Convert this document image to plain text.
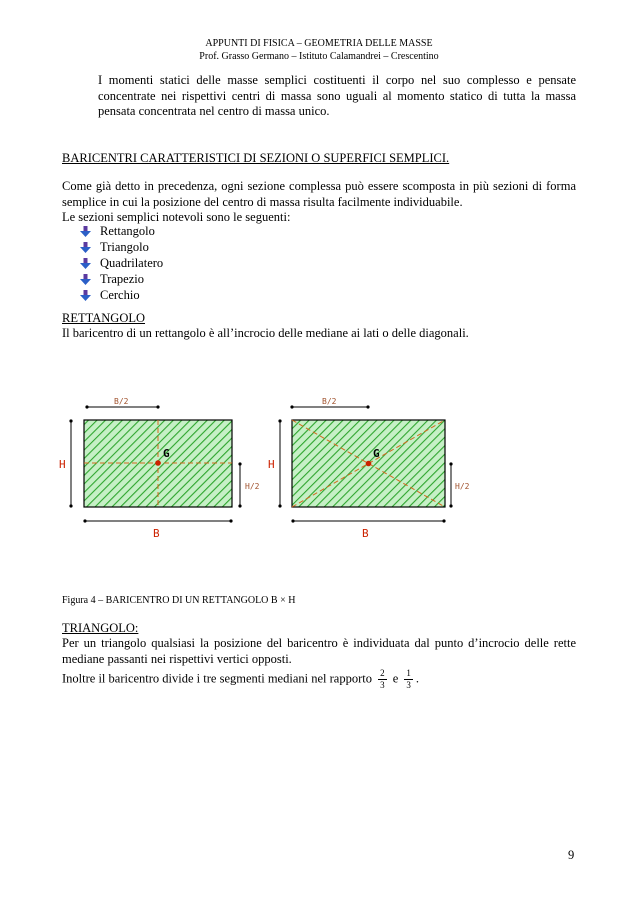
APPUNTI DI FISICA – GEOMETRIA DELLE MASSE
Prof. Grasso Germano – Istituto Calamandrei – Crescentino
I momenti statici delle masse semplici costituenti il corpo nel suo complesso e pensate concentrate nei rispettivi centri di massa sono uguali al momento statico di tutta la massa pensata concentrata nel centro di massa unico.
BARICENTRI CARATTERISTICI DI SEZIONI O SUPERFICI SEMPLICI.
Come già detto in precedenza, ogni sezione complessa può essere scomposta in più sezioni di forma semplice in cui la posizione del centro di massa risulta facilmente individuabile.
Le sezioni semplici notevoli sono le seguenti:
Rettangolo
Triangolo
Quadrilatero
Trapezio
Cerchio
RETTANGOLO
Il baricentro di un rettangolo è all’incrocio delle mediane ai lati o delle diagonali.
G
B/2
H
H/2
B
G
B/2
H
H/2
B
Figura 4 – BARICENTRO DI UN RETTANGOLO B × H
TRIANGOLO:
Per un triangolo qualsiasi la posizione del baricentro è individuata dal punto d’incrocio delle rette mediane passanti nei rispettivi vertici opposti.
Inoltre il baricentro divide i tre segmenti mediani nel rapporto $\frac{2}{3}$ e $\frac{1}{3}$ .
9
